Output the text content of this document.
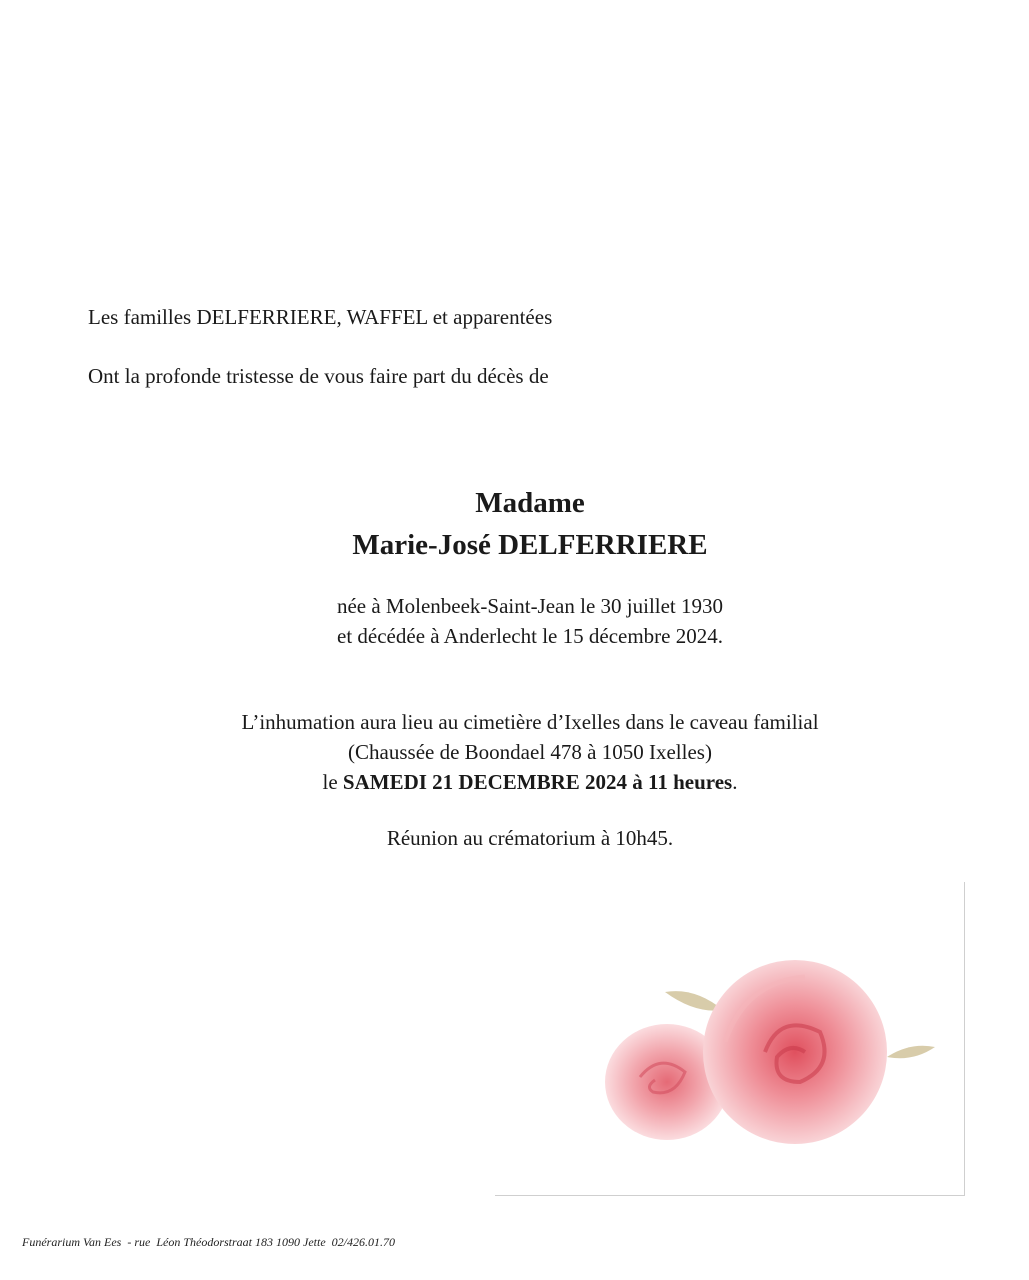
Les familles DELFERRIERE, WAFFEL et apparentées
Ont la profonde tristesse de vous faire part du décès de
Madame
Marie-José DELFERRIERE
née à Molenbeek-Saint-Jean le 30 juillet 1930
et décédée à Anderlecht le 15 décembre 2024.
L’inhumation aura lieu au cimetière d’Ixelles dans le caveau familial
(Chaussée de Boondael 478 à 1050 Ixelles)
le SAMEDI 21 DECEMBRE 2024 à 11 heures.
Réunion au crématorium à 10h45.
Funérarium Van Ees  - rue  Léon Théodorstraat 183 1090 Jette  02/426.01.70
